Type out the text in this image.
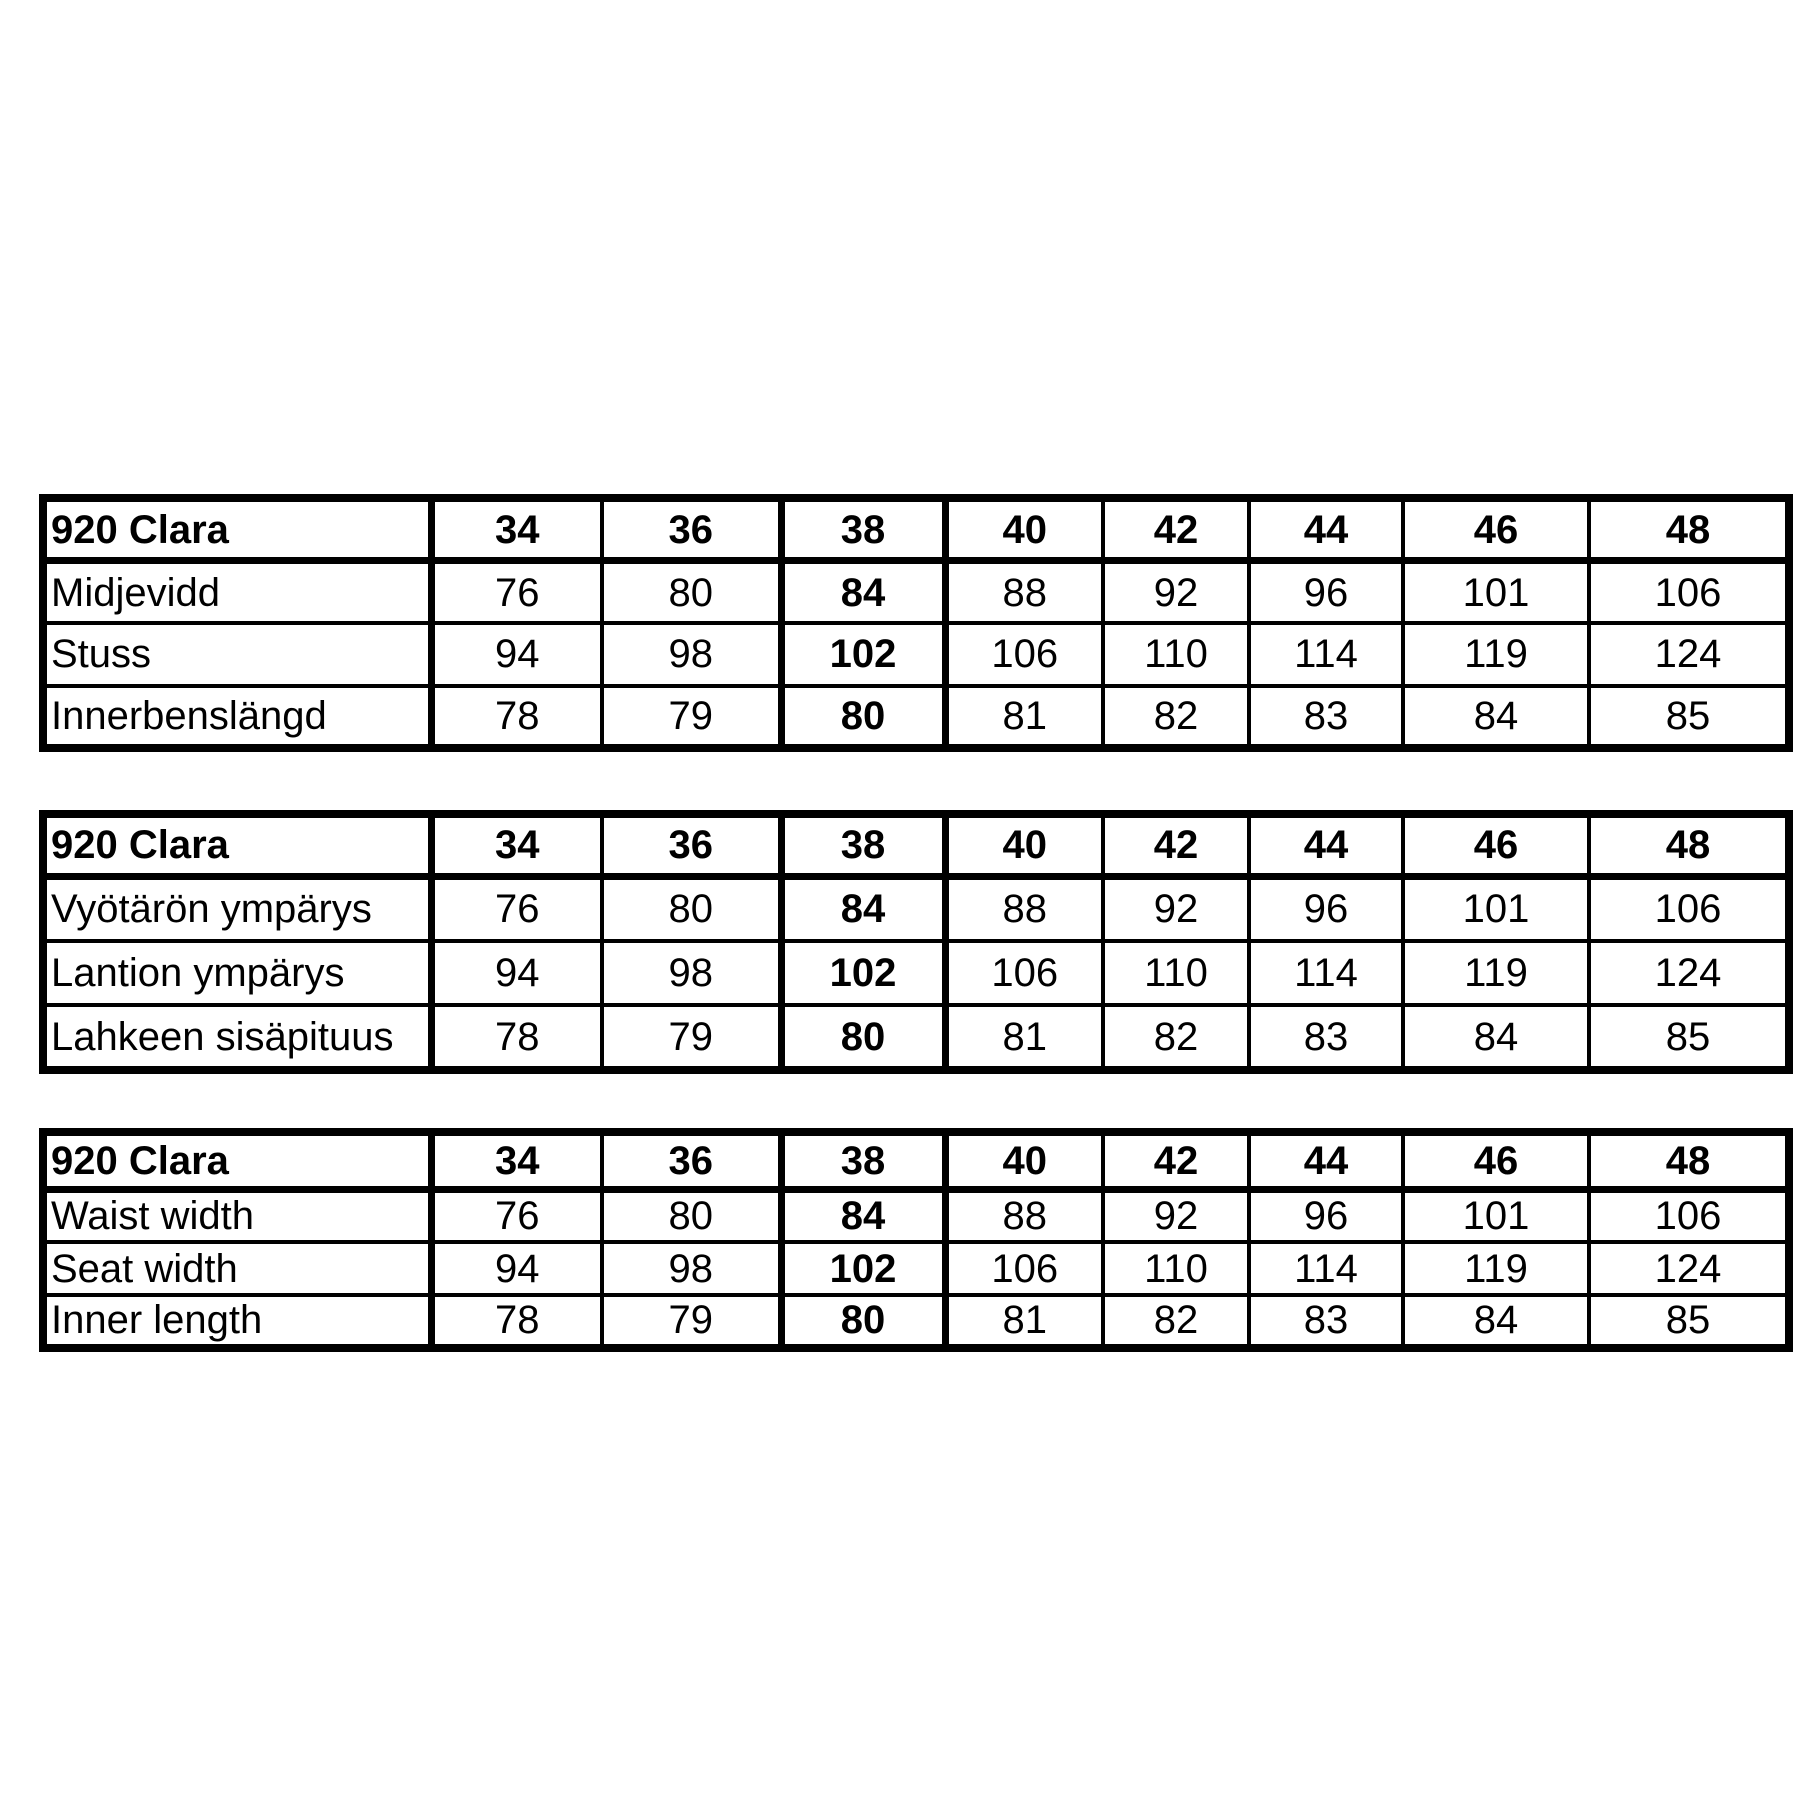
920 Clara	34	36	38	40	42	44	46	48
Midjevidd	76	80	84	88	92	96	101	106
Stuss	94	98	102	106	110	114	119	124
Innerbenslängd	78	79	80	81	82	83	84	85
920 Clara	34	36	38	40	42	44	46	48
Vyötärön ympärys	76	80	84	88	92	96	101	106
Lantion ympärys	94	98	102	106	110	114	119	124
Lahkeen sisäpituus	78	79	80	81	82	83	84	85
920 Clara	34	36	38	40	42	44	46	48
Waist width	76	80	84	88	92	96	101	106
Seat width	94	98	102	106	110	114	119	124
Inner length	78	79	80	81	82	83	84	85
